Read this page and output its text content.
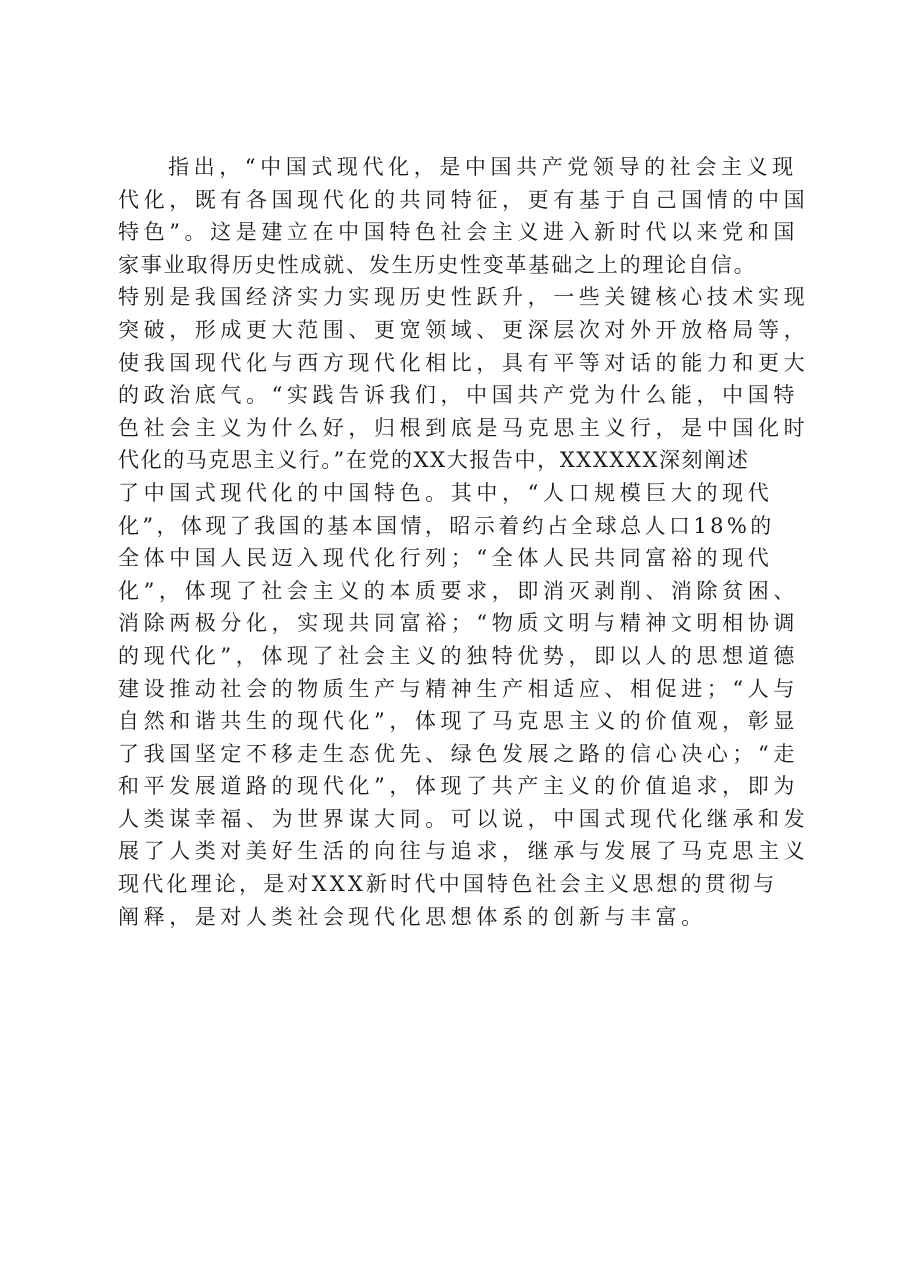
指出，“中国式现代化，是中国共产党领导的社会主义现
代化，既有各国现代化的共同特征，更有基于自己国情的中国
特色”。这是建立在中国特色社会主义进入新时代以来党和国
家事业取得历史性成就、发生历史性变革基础之上的理论自信。
特别是我国经济实力实现历史性跃升，一些关键核心技术实现
突破，形成更大范围、更宽领域、更深层次对外开放格局等，
使我国现代化与西方现代化相比，具有平等对话的能力和更大
的政治底气。“实践告诉我们，中国共产党为什么能，中国特
色社会主义为什么好，归根到底是马克思主义行，是中国化时
代化的马克思主义行。”在党的XX大报告中，XXXXXX深刻阐述
了中国式现代化的中国特色。其中，“人口规模巨大的现代
化”，体现了我国的基本国情，昭示着约占全球总人口18%的
全体中国人民迈入现代化行列；“全体人民共同富裕的现代
化”，体现了社会主义的本质要求，即消灭剥削、消除贫困、
消除两极分化，实现共同富裕；“物质文明与精神文明相协调
的现代化”，体现了社会主义的独特优势，即以人的思想道德
建设推动社会的物质生产与精神生产相适应、相促进；“人与
自然和谐共生的现代化”，体现了马克思主义的价值观，彰显
了我国坚定不移走生态优先、绿色发展之路的信心决心；“走
和平发展道路的现代化”，体现了共产主义的价值追求，即为
人类谋幸福、为世界谋大同。可以说，中国式现代化继承和发
展了人类对美好生活的向往与追求，继承与发展了马克思主义
现代化理论，是对XXX新时代中国特色社会主义思想的贯彻与
阐释，是对人类社会现代化思想体系的创新与丰富。
